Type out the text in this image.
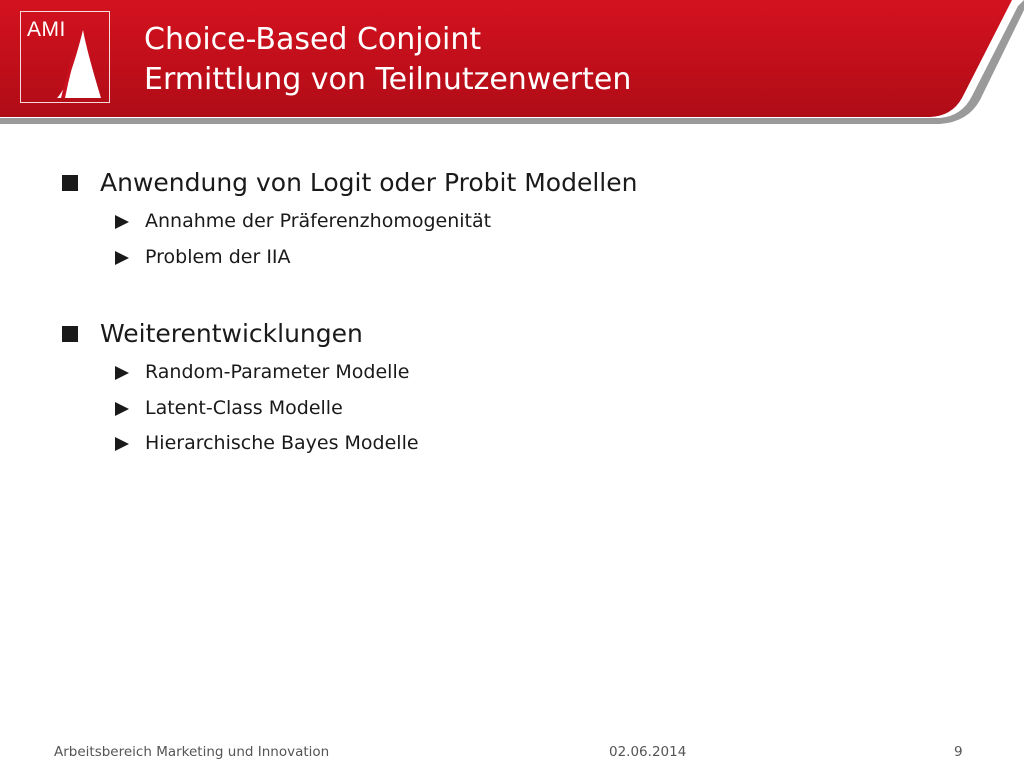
AMI	Choice-Based Conjoint
Ermittlung von Teilnutzenwerten
Anwendung von Logit oder Probit Modellen
Annahme der Präferenzhomogenität
Problem der IIA
Weiterentwicklungen
Random-Parameter Modelle
Latent-Class Modelle
Hierarchische Bayes Modelle
Arbeitsbereich Marketing und Innovation	02.06.2014	9
